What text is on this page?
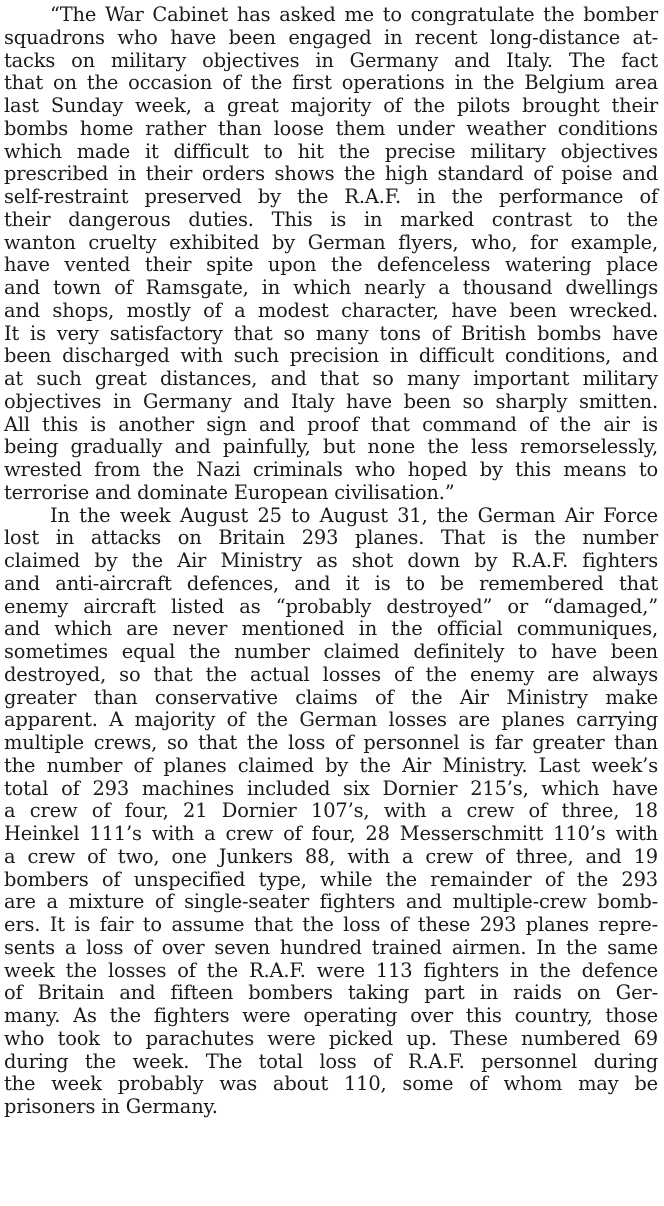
“The War Cabinet has asked me to congratulate the bomber
squadrons who have been engaged in recent long-distance at-
tacks on military objectives in Germany and Italy. The fact
that on the occasion of the first operations in the Belgium area
last Sunday week, a great majority of the pilots brought their
bombs home rather than loose them under weather conditions
which made it difficult to hit the precise military objectives
prescribed in their orders shows the high standard of poise and
self-restraint preserved by the R.A.F. in the performance of
their dangerous duties. This is in marked contrast to the
wanton cruelty exhibited by German flyers, who, for example,
have vented their spite upon the defenceless watering place
and town of Ramsgate, in which nearly a thousand dwellings
and shops, mostly of a modest character, have been wrecked.
It is very satisfactory that so many tons of British bombs have
been discharged with such precision in difficult conditions, and
at such great distances, and that so many important military
objectives in Germany and Italy have been so sharply smitten.
All this is another sign and proof that command of the air is
being gradually and painfully, but none the less remorselessly,
wrested from the Nazi criminals who hoped by this means to
terrorise and dominate European civilisation.”
In the week August 25 to August 31, the German Air Force
lost in attacks on Britain 293 planes. That is the number
claimed by the Air Ministry as shot down by R.A.F. fighters
and anti-aircraft defences, and it is to be remembered that
enemy aircraft listed as “probably destroyed” or “damaged,”
and which are never mentioned in the official communiques,
sometimes equal the number claimed definitely to have been
destroyed, so that the actual losses of the enemy are always
greater than conservative claims of the Air Ministry make
apparent. A majority of the German losses are planes carrying
multiple crews, so that the loss of personnel is far greater than
the number of planes claimed by the Air Ministry. Last week’s
total of 293 machines included six Dornier 215’s, which have
a crew of four, 21 Dornier 107’s, with a crew of three, 18
Heinkel 111’s with a crew of four, 28 Messerschmitt 110’s with
a crew of two, one Junkers 88, with a crew of three, and 19
bombers of unspecified type, while the remainder of the 293
are a mixture of single-seater fighters and multiple-crew bomb-
ers. It is fair to assume that the loss of these 293 planes repre-
sents a loss of over seven hundred trained airmen. In the same
week the losses of the R.A.F. were 113 fighters in the defence
of Britain and fifteen bombers taking part in raids on Ger-
many. As the fighters were operating over this country, those
who took to parachutes were picked up. These numbered 69
during the week. The total loss of R.A.F. personnel during
the week probably was about 110, some of whom may be
prisoners in Germany.
